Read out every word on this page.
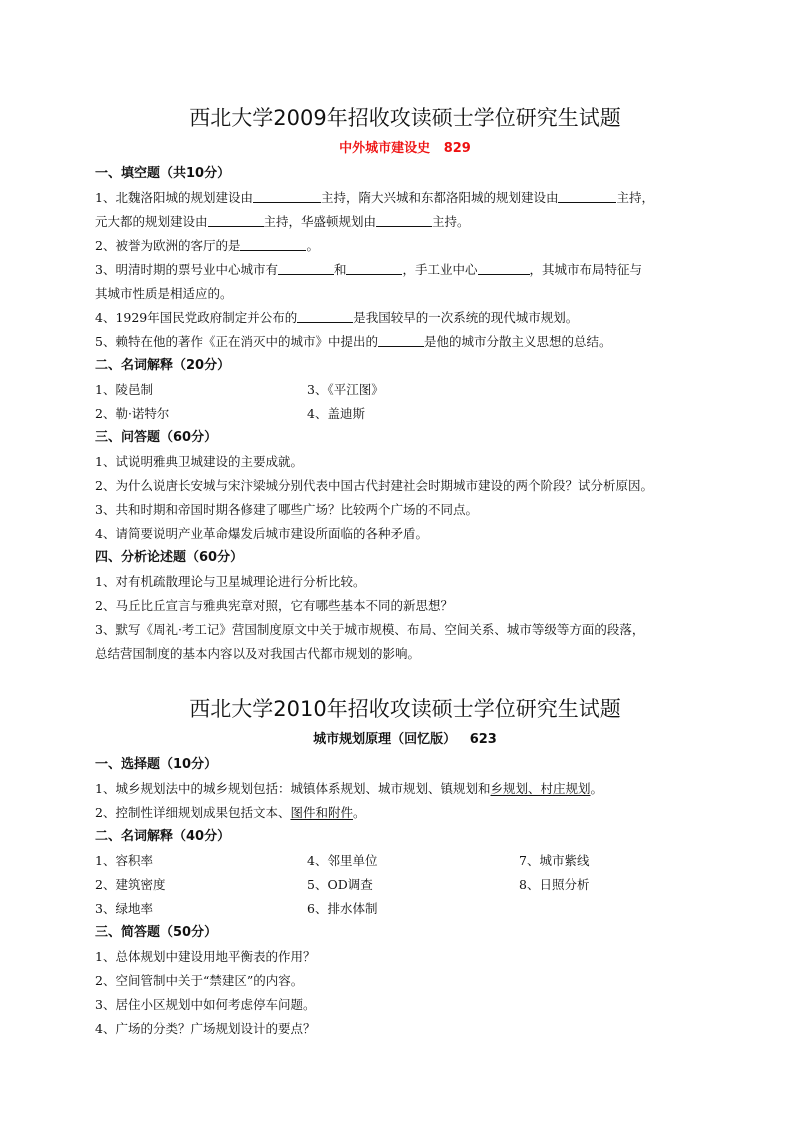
西北大学2009年招收攻读硕士学位研究生试题
中外城市建设史   829
一、填空题（共10分）
1、北魏洛阳城的规划建设由	主持，隋大兴城和东都洛阳城的规划建设由	主持，
元大都的规划建设由	主持，华盛顿规划由	主持。
2、被誉为欧洲的客厅的是	。
3、明清时期的票号业中心城市有	和	，手工业中心	，其城市布局特征与
其城市性质是相适应的。
4、1929年国民党政府制定并公布的	是我国较早的一次系统的现代城市规划。
5、赖特在他的著作《正在消灭中的城市》中提出的	是他的城市分散主义思想的总结。
二、名词解释（20分）
1、陵邑制	3、《平江图》
2、勒·诺特尔	4、盖迪斯
三、问答题（60分）
1、试说明雅典卫城建设的主要成就。
2、为什么说唐长安城与宋汴梁城分别代表中国古代封建社会时期城市建设的两个阶段？试分析原因。
3、共和时期和帝国时期各修建了哪些广场？比较两个广场的不同点。
4、请简要说明产业革命爆发后城市建设所面临的各种矛盾。
四、分析论述题（60分）
1、对有机疏散理论与卫星城理论进行分析比较。
2、马丘比丘宣言与雅典宪章对照，它有哪些基本不同的新思想？
3、默写《周礼·考工记》营国制度原文中关于城市规模、布局、空间关系、城市等级等方面的段落，
总结营国制度的基本内容以及对我国古代都市规划的影响。
西北大学2010年招收攻读硕士学位研究生试题
城市规划原理（回忆版）   623
一、选择题（10分）
1、城乡规划法中的城乡规划包括：城镇体系规划、城市规划、镇规划和乡规划、村庄规划。
2、控制性详细规划成果包括文本、图件和附件。
二、名词解释（40分）
1、容积率	4、邻里单位	7、城市紫线
2、建筑密度	5、OD调查	8、日照分析
3、绿地率	6、排水体制
三、简答题（50分）
1、总体规划中建设用地平衡表的作用？
2、空间管制中关于“禁建区”的内容。
3、居住小区规划中如何考虑停车问题。
4、广场的分类？广场规划设计的要点？
